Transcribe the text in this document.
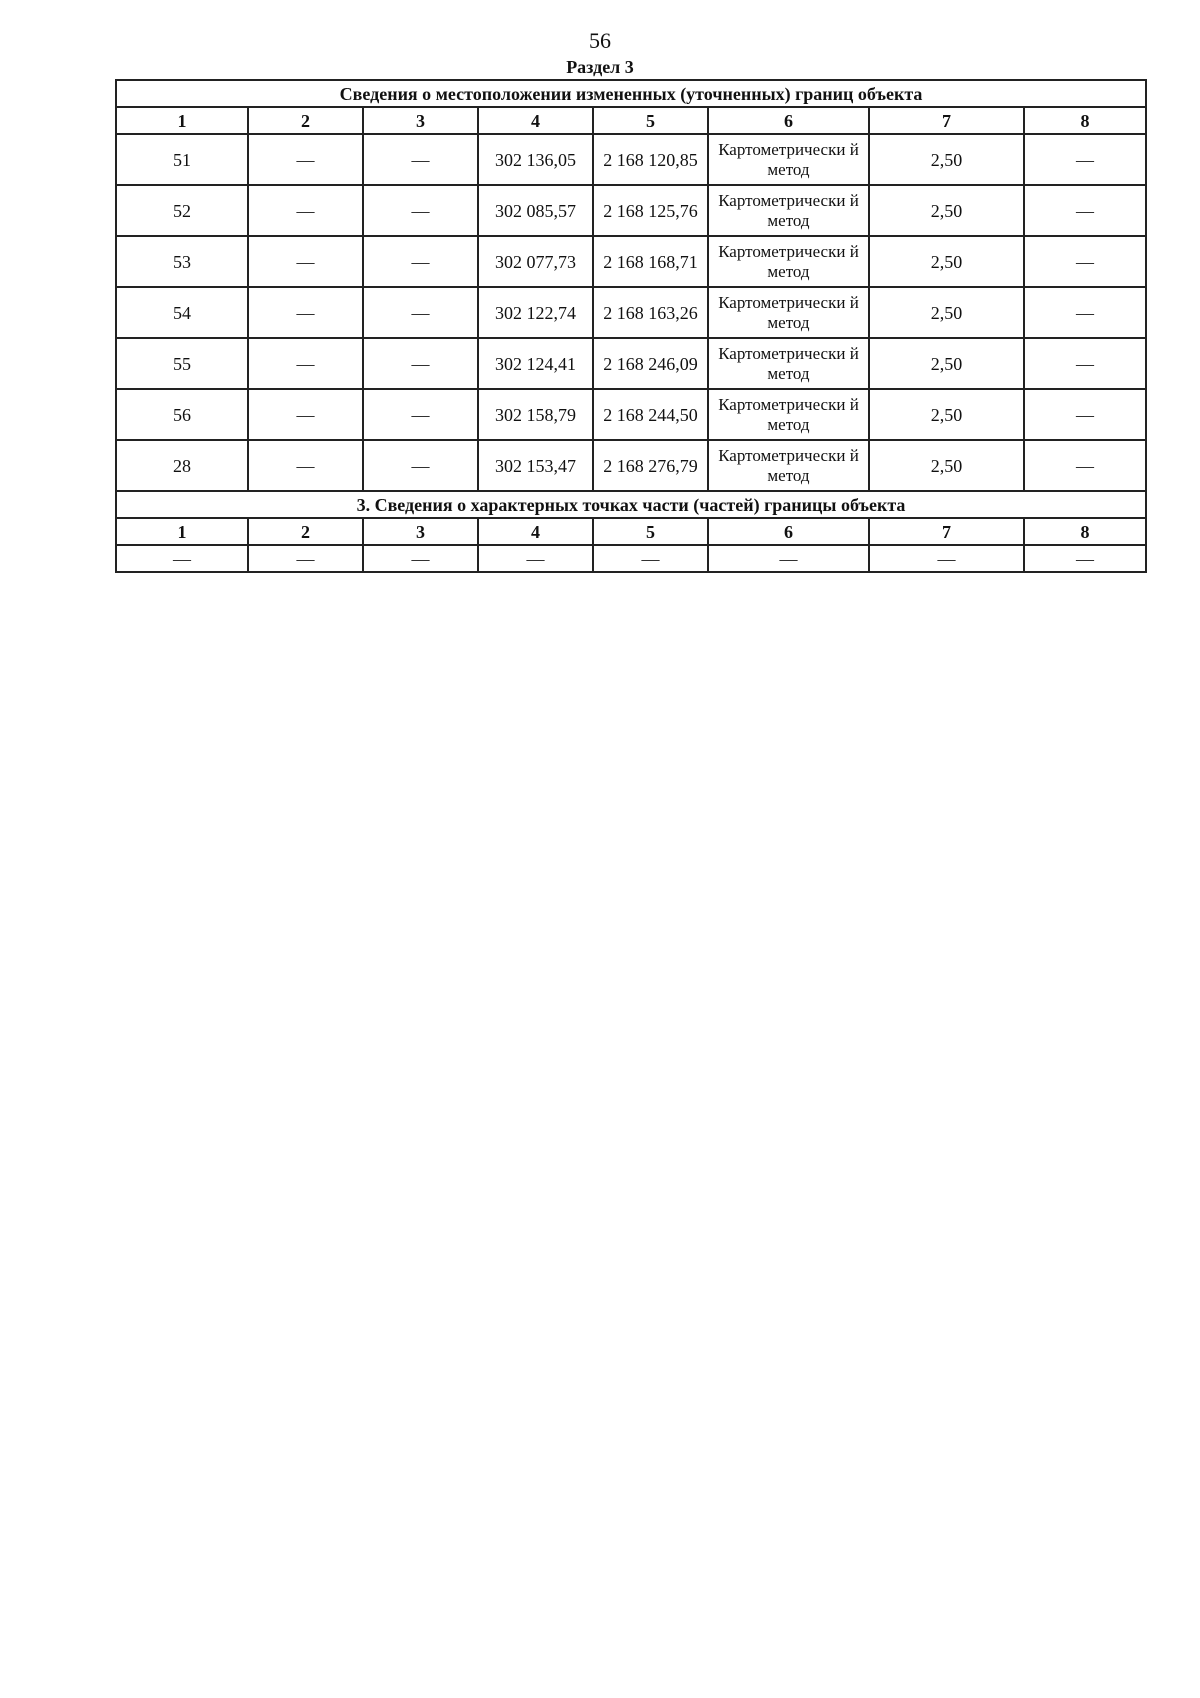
56
Раздел 3
Сведения о местоположении измененных (уточненных) границ объекта							
1	2	3	4	5	6	7	8
51	—	—	302 136,05	2 168 120,85	Картометрически й метод	2,50	—
52	—	—	302 085,57	2 168 125,76	Картометрически й метод	2,50	—
53	—	—	302 077,73	2 168 168,71	Картометрически й метод	2,50	—
54	—	—	302 122,74	2 168 163,26	Картометрически й метод	2,50	—
55	—	—	302 124,41	2 168 246,09	Картометрически й метод	2,50	—
56	—	—	302 158,79	2 168 244,50	Картометрически й метод	2,50	—
28	—	—	302 153,47	2 168 276,79	Картометрически й метод	2,50	—
3. Сведения о характерных точках части (частей) границы объекта							
1	2	3	4	5	6	7	8
—	—	—	—	—	—	—	—
